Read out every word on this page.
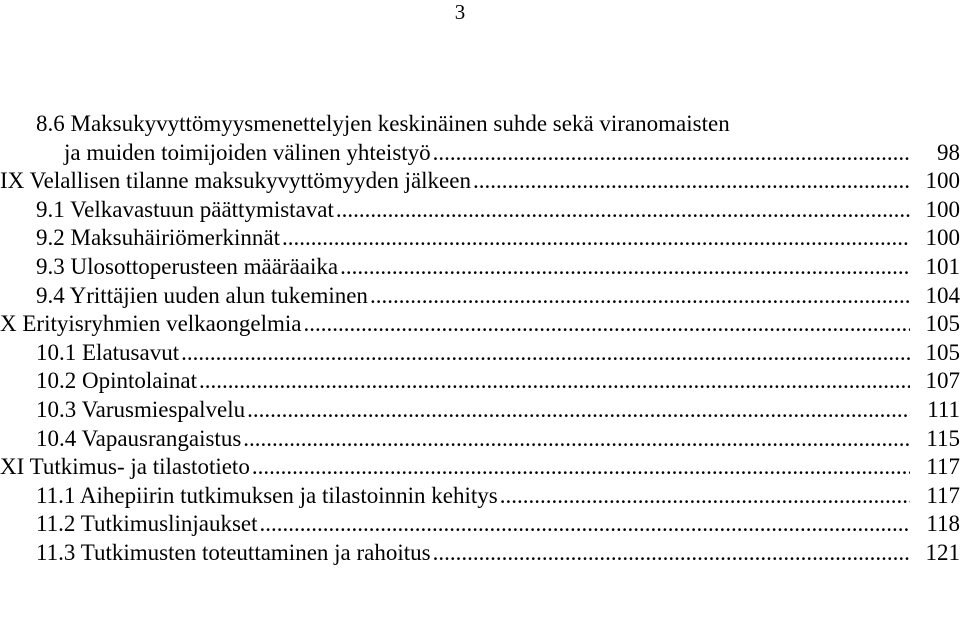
3
8.6 Maksukyvyttömyysmenettelyjen keskinäinen suhde sekä viranomaisten
ja muiden toimijoiden välinen yhteistyö .....	98
IX Velallisen tilanne maksukyvyttömyyden jälkeen .....	100
9.1 Velkavastuun päättymistavat .....	100
9.2 Maksuhäiriömerkinnät .....	100
9.3 Ulosottoperusteen määräaika .....	101
9.4 Yrittäjien uuden alun tukeminen .....	104
X Erityisryhmien velkaongelmia .....	105
10.1 Elatusavut .....	105
10.2 Opintolainat .....	107
10.3 Varusmiespalvelu .....	111
10.4 Vapausrangaistus .....	115
XI Tutkimus- ja tilastotieto .....	117
11.1 Aihepiirin tutkimuksen ja tilastoinnin kehitys .....	117
11.2 Tutkimuslinjaukset .....	118
11.3 Tutkimusten toteuttaminen ja rahoitus .....	121
